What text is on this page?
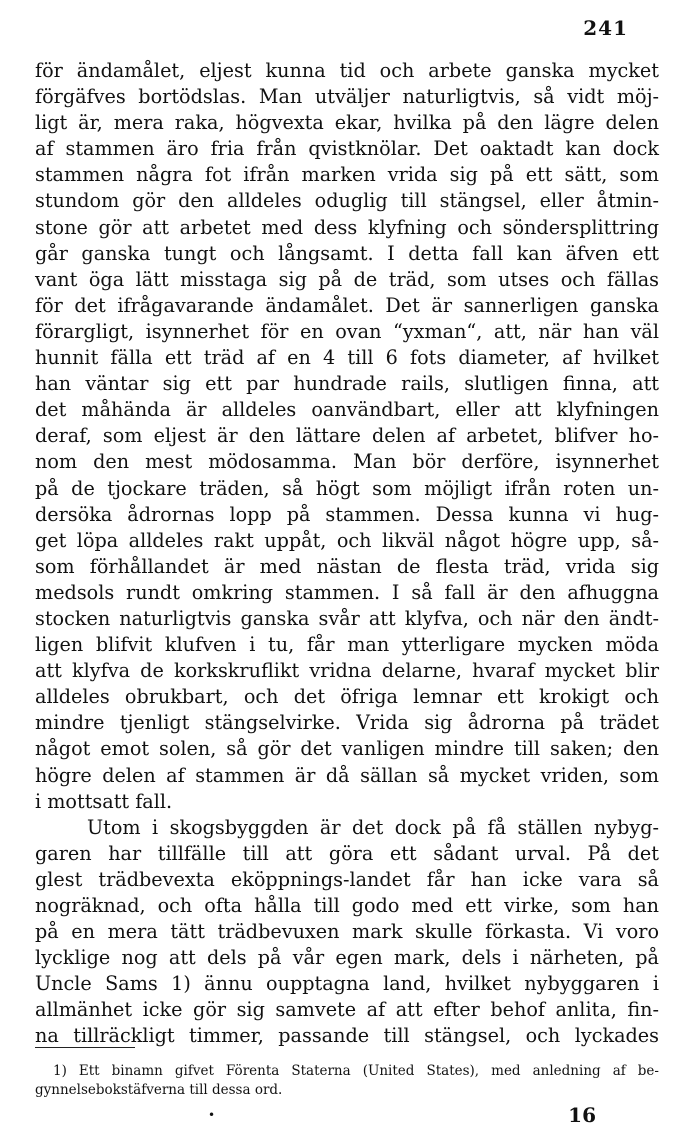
241
för ändamålet, eljest kunna tid och arbete ganska mycket
förgäfves bortödslas. Man utväljer naturligtvis, så vidt möj-
ligt är, mera raka, högvexta ekar, hvilka på den lägre delen
af stammen äro fria från qvistknölar. Det oaktadt kan dock
stammen några fot ifrån marken vrida sig på ett sätt, som
stundom gör den alldeles oduglig till stängsel, eller åtmin-
stone gör att arbetet med dess klyfning och söndersplittring
går ganska tungt och långsamt. I detta fall kan äfven ett
vant öga lätt misstaga sig på de träd, som utses och fällas
för det ifrågavarande ändamålet. Det är sannerligen ganska
förargligt, isynnerhet för en ovan “yxman“, att, när han väl
hunnit fälla ett träd af en 4 till 6 fots diameter, af hvilket
han väntar sig ett par hundrade rails, slutligen finna, att
det måhända är alldeles oanvändbart, eller att klyfningen
deraf, som eljest är den lättare delen af arbetet, blifver ho-
nom den mest mödosamma. Man bör derföre, isynnerhet
på de tjockare träden, så högt som möjligt ifrån roten un-
dersöka ådrornas lopp på stammen. Dessa kunna vi hug-
get löpa alldeles rakt uppåt, och likväl något högre upp, så-
som förhållandet är med nästan de flesta träd, vrida sig
medsols rundt omkring stammen. I så fall är den afhuggna
stocken naturligtvis ganska svår att klyfva, och när den ändt-
ligen blifvit klufven i tu, får man ytterligare mycken möda
att klyfva de korkskruflikt vridna delarne, hvaraf mycket blir
alldeles obrukbart, och det öfriga lemnar ett krokigt och
mindre tjenligt stängselvirke. Vrida sig ådrorna på trädet
något emot solen, så gör det vanligen mindre till saken; den
högre delen af stammen är då sällan så mycket vriden, som
i mottsatt fall.
Utom i skogsbyggden är det dock på få ställen nybyg-
garen har tillfälle till att göra ett sådant urval. På det
glest trädbevexta eköppnings-landet får han icke vara så
nogräknad, och ofta hålla till godo med ett virke, som han
på en mera tätt trädbevuxen mark skulle förkasta. Vi voro
lycklige nog att dels på vår egen mark, dels i närheten, på
Uncle Sams 1) ännu oupptagna land, hvilket nybyggaren i
allmänhet icke gör sig samvete af att efter behof anlita, fin-
na tillräckligt timmer, passande till stängsel, och lyckades
1) Ett binamn gifvet Förenta Staterna (United States), med anledning af be-
gynnelsebokstäfverna till dessa ord.
•	16
